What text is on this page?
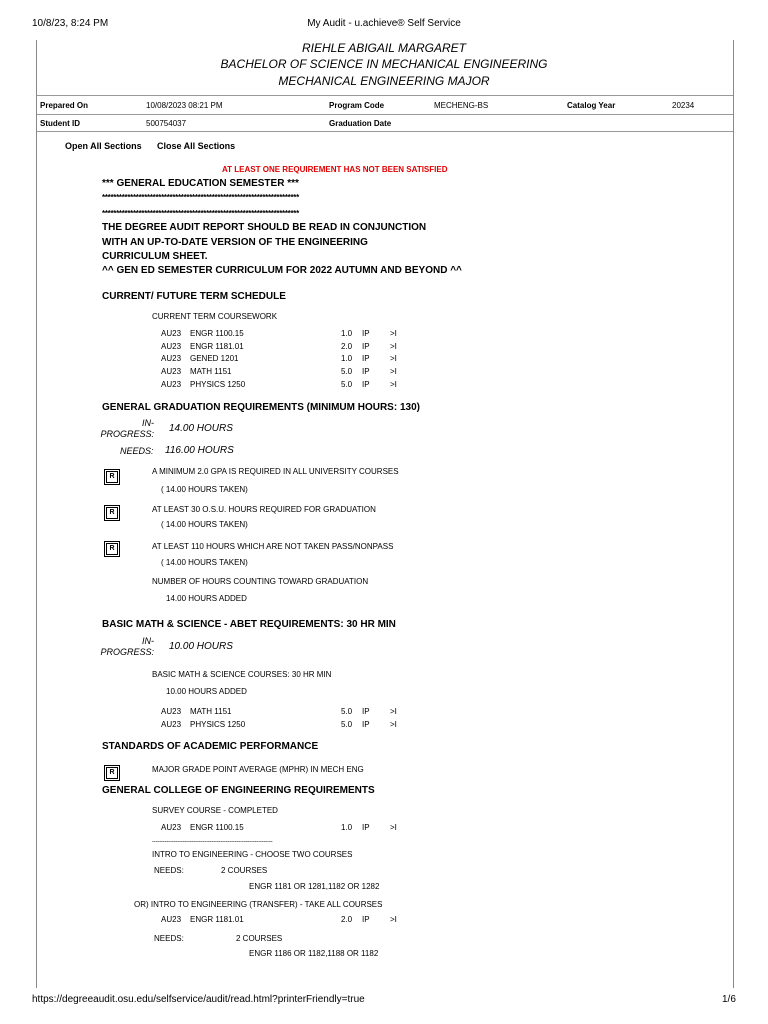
10/8/23, 8:24 PM	My Audit - u.achieve® Self Service
RIEHLE ABIGAIL MARGARET
BACHELOR OF SCIENCE IN MECHANICAL ENGINEERING
MECHANICAL ENGINEERING MAJOR
Prepared On	10/08/2023 08:21 PM	Program Code	MECHENG-BS	Catalog Year	20234
Student ID	500754037	Graduation Date
Open All Sections Close All Sections
AT LEAST ONE REQUIREMENT HAS NOT BEEN SATISFIED
*** GENERAL EDUCATION SEMESTER ***
**********************************************************************
**********************************************************************
THE DEGREE AUDIT REPORT SHOULD BE READ IN CONJUNCTION
WITH AN UP-TO-DATE VERSION OF THE ENGINEERING
CURRICULUM SHEET.
^^ GEN ED SEMESTER CURRICULUM FOR 2022 AUTUMN AND BEYOND ^^
CURRENT/ FUTURE TERM SCHEDULE
CURRENT TERM COURSEWORK
AU23 ENGR 1100.15	1.0 IP	>I
AU23 ENGR 1181.01	2.0 IP	>I
AU23 GENED 1201	1.0 IP	>I
AU23 MATH 1151	5.0 IP	>I
AU23 PHYSICS 1250	5.0 IP	>I
GENERAL GRADUATION REQUIREMENTS (MINIMUM HOURS: 130)
IN-
PROGRESS: 14.00 HOURS
NEEDS: 116.00 HOURS
R
A MINIMUM 2.0 GPA IS REQUIRED IN ALL UNIVERSITY COURSES
( 14.00 HOURS TAKEN)
R	AT LEAST 30 O.S.U. HOURS REQUIRED FOR GRADUATION
( 14.00 HOURS TAKEN)
R	AT LEAST 110 HOURS WHICH ARE NOT TAKEN PASS/NONPASS
( 14.00 HOURS TAKEN)
NUMBER OF HOURS COUNTING TOWARD GRADUATION
14.00 HOURS ADDED
BASIC MATH & SCIENCE - ABET REQUIREMENTS: 30 HR MIN
IN-
PROGRESS: 10.00 HOURS
BASIC MATH & SCIENCE COURSES: 30 HR MIN
10.00 HOURS ADDED
AU23 MATH 1151	5.0 IP	>I
AU23 PHYSICS 1250	5.0 IP	>I
STANDARDS OF ACADEMIC PERFORMANCE
R	MAJOR GRADE POINT AVERAGE (MPHR) IN MECH ENG
GENERAL COLLEGE OF ENGINEERING REQUIREMENTS
SURVEY COURSE - COMPLETED
AU23 ENGR 1100.15	1.0 IP	>I
-------------------------------------------------------------------
INTRO TO ENGINEERING - CHOOSE TWO COURSES
NEEDS:	2 COURSES
ENGR 1181 OR 1281,1182 OR 1282
OR) INTRO TO ENGINEERING (TRANSFER) - TAKE ALL COURSES
AU23 ENGR 1181.01	2.0 IP	>I
NEEDS:	2 COURSES
ENGR 1186 OR 1182,1188 OR 1182
https://degreeaudit.osu.edu/selfservice/audit/read.html?printerFriendly=true	1/6
